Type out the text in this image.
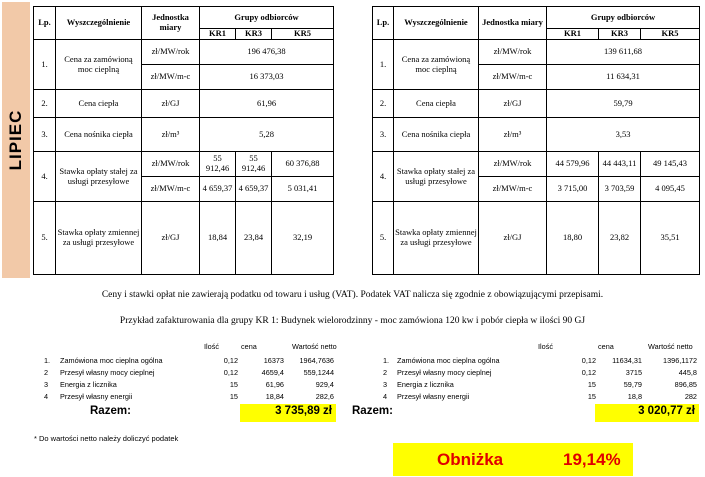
LIPIEC
Lp.	Wyszczególnienie	Jednostka miary	Grupy odbiorców		
			KR1	KR3	KR5
1.	Cena za zamówioną moc cieplną	zł/MW/rok	196 476,38		
		zł/MW/m-c	16 373,03		
2.	Cena ciepła	zł/GJ	61,96		
3.	Cena nośnika ciepła	zł/m³	5,28		
4.	Stawka opłaty stałej za usługi przesyłowe	zł/MW/rok	55 912,46	55 912,46	60 376,88
		zł/MW/m-c	4 659,37	4 659,37	5 031,41
5.	Stawka opłaty zmiennej za usługi przesyłowe	zł/GJ	18,84	23,84	32,19
Lp.	Wyszczególnienie	Jednostka miary	Grupy odbiorców		
			KR1	KR3	KR5
1.	Cena za zamówioną moc cieplną	zł/MW/rok	139 611,68		
		zł/MW/m-c	11 634,31		
2.	Cena ciepła	zł/GJ	59,79		
3.	Cena nośnika ciepła	zł/m³	3,53		
4.	Stawka opłaty stałej za usługi przesyłowe	zł/MW/rok	44 579,96	44 443,11	49 145,43
		zł/MW/m-c	3 715,00	3 703,59	4 095,45
5.	Stawka opłaty zmiennej za usługi przesyłowe	zł/GJ	18,80	23,82	35,51
Ceny i stawki opłat nie zawierają podatku od towaru i usług (VAT). Podatek VAT nalicza się zgodnie z obowiązującymi przepisami.
Przykład zafakturowania dla grupy KR 1: Budynek wielorodzinny - moc zamówiona 120 kw i pobór ciepła w ilości 90 GJ
Ilość	cena	Wartość netto
1. Zamówiona moc cieplna ogólna	0,12	16373	1964,7636
2 Przesył własny mocy cieplnej	0,12	4659,4	559,1244
3 Energia z licznika	15	61,96	929,4
4 Przesył własny energii	15	18,84	282,6
Razem:	3 735,89 zł
Ilość	cena	Wartość netto
1. Zamówiona moc cieplna ogólna	0,12	11634,31	1396,1172
2 Przesył własny mocy cieplnej	0,12	3715	445,8
3 Energia z licznika	15	59,79	896,85
4 Przesył własny energii	15	18,8	282
Razem:	3 020,77 zł
* Do wartości netto należy doliczyć podatek
Obniżka	19,14%
